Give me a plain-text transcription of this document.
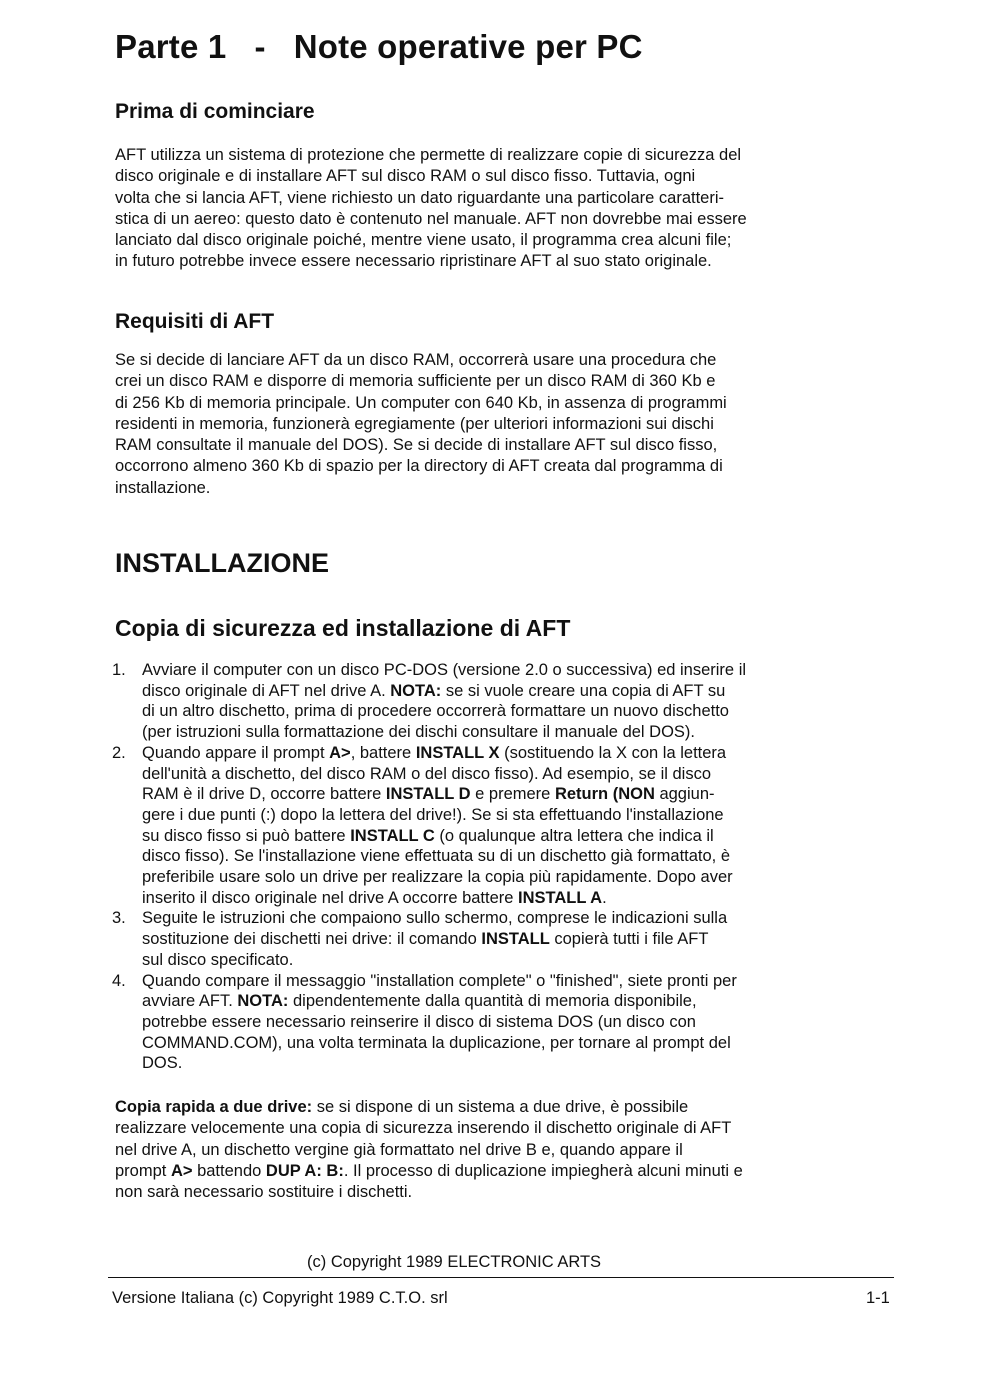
Parte 1 - Note operative per PC
Prima di cominciare
AFT utilizza un sistema di protezione che permette di realizzare copie di sicurezza del
disco originale e di installare AFT sul disco RAM o sul disco fisso. Tuttavia, ogni
volta che si lancia AFT, viene richiesto un dato riguardante una particolare caratteri-
stica di un aereo: questo dato è contenuto nel manuale. AFT non dovrebbe mai essere
lanciato dal disco originale poiché, mentre viene usato, il programma crea alcuni file;
in futuro potrebbe invece essere necessario ripristinare AFT al suo stato originale.
Requisiti di AFT
Se si decide di lanciare AFT da un disco RAM, occorrerà usare una procedura che
crei un disco RAM e disporre di memoria sufficiente per un disco RAM di 360 Kb e
di 256 Kb di memoria principale. Un computer con 640 Kb, in assenza di programmi
residenti in memoria, funzionerà egregiamente (per ulteriori informazioni sui dischi
RAM consultate il manuale del DOS). Se si decide di installare AFT sul disco fisso,
occorrono almeno 360 Kb di spazio per la directory di AFT creata dal programma di
installazione.
INSTALLAZIONE
Copia di sicurezza ed installazione di AFT
1. Avviare il computer con un disco PC-DOS (versione 2.0 o successiva) ed inserire il
disco originale di AFT nel drive A. NOTA: se si vuole creare una copia di AFT su
di un altro dischetto, prima di procedere occorrerà formattare un nuovo dischetto
(per istruzioni sulla formattazione dei dischi consultare il manuale del DOS).
2. Quando appare il prompt A>, battere INSTALL X (sostituendo la X con la lettera
dell'unità a dischetto, del disco RAM o del disco fisso). Ad esempio, se il disco
RAM è il drive D, occorre battere INSTALL D e premere Return (NON aggiun-
gere i due punti (:) dopo la lettera del drive!). Se si sta effettuando l'installazione
su disco fisso si può battere INSTALL C (o qualunque altra lettera che indica il
disco fisso). Se l'installazione viene effettuata su di un dischetto già formattato, è
preferibile usare solo un drive per realizzare la copia più rapidamente. Dopo aver
inserito il disco originale nel drive A occorre battere INSTALL A.
3. Seguite le istruzioni che compaiono sullo schermo, comprese le indicazioni sulla
sostituzione dei dischetti nei drive: il comando INSTALL copierà tutti i file AFT
sul disco specificato.
4. Quando compare il messaggio "installation complete" o "finished", siete pronti per
avviare AFT. NOTA: dipendentemente dalla quantità di memoria disponibile,
potrebbe essere necessario reinserire il disco di sistema DOS (un disco con
COMMAND.COM), una volta terminata la duplicazione, per tornare al prompt del
DOS.
Copia rapida a due drive: se si dispone di un sistema a due drive, è possibile
realizzare velocemente una copia di sicurezza inserendo il dischetto originale di AFT
nel drive A, un dischetto vergine già formattato nel drive B e, quando appare il
prompt A> battendo DUP A: B:. Il processo di duplicazione impiegherà alcuni minuti e
non sarà necessario sostituire i dischetti.
(c) Copyright 1989 ELECTRONIC ARTS
Versione Italiana (c) Copyright 1989 C.T.O. srl	1-1
